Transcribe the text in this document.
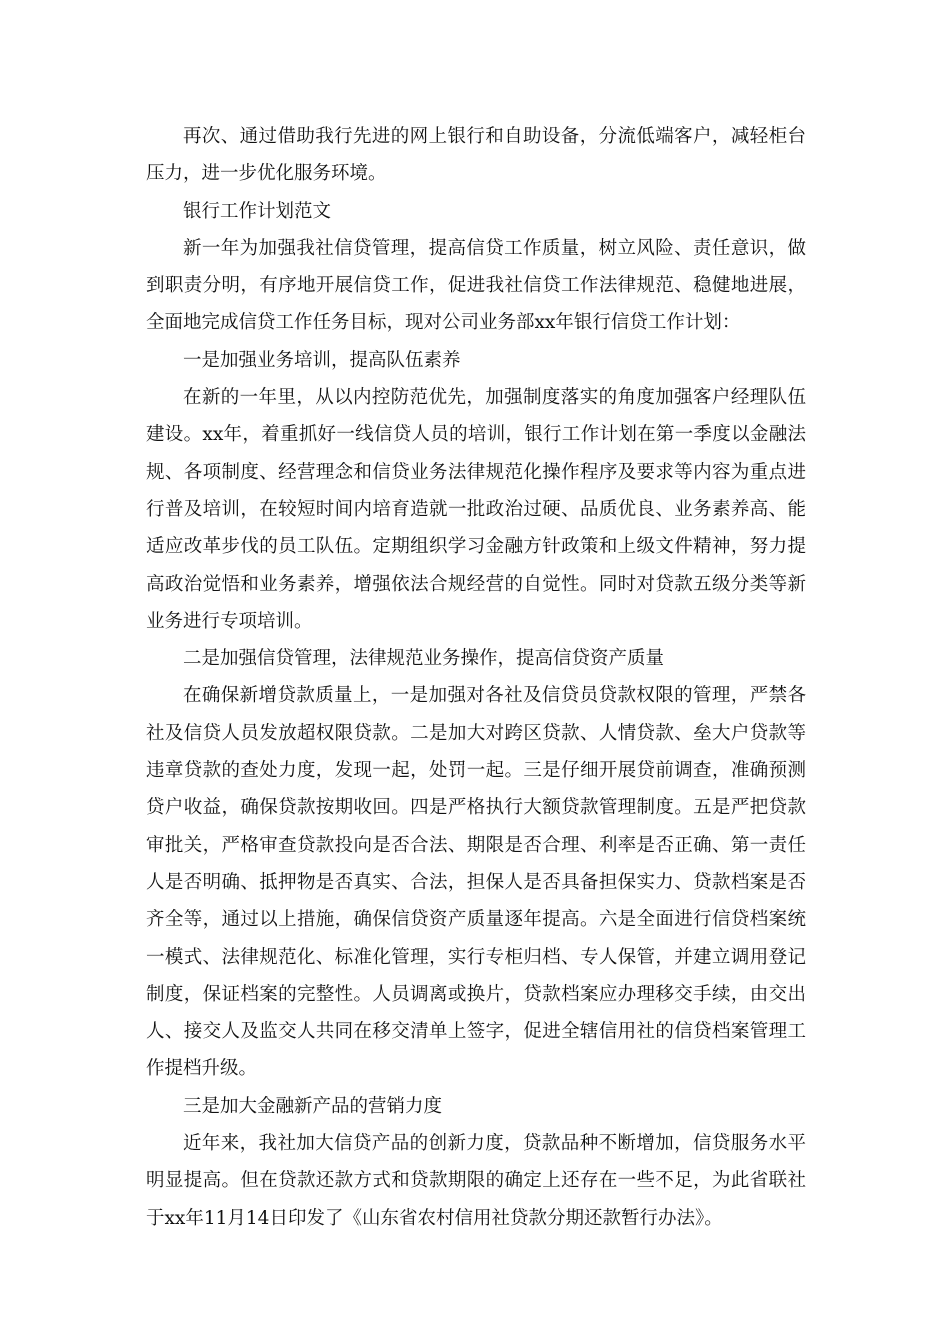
再次、通过借助我行先进的网上银行和自助设备，分流低端客户，减轻柜台压力，进一步优化服务环境。

银行工作计划范文

新一年为加强我社信贷管理，提高信贷工作质量，树立风险、责任意识，做到职责分明，有序地开展信贷工作，促进我社信贷工作法律规范、稳健地进展，全面地完成信贷工作任务目标，现对公司业务部xx年银行信贷工作计划：

一是加强业务培训，提高队伍素养

在新的一年里，从以内控防范优先，加强制度落实的角度加强客户经理队伍建设。xx年，着重抓好一线信贷人员的培训，银行工作计划在第一季度以金融法规、各项制度、经营理念和信贷业务法律规范化操作程序及要求等内容为重点进行普及培训，在较短时间内培育造就一批政治过硬、品质优良、业务素养高、能适应改革步伐的员工队伍。定期组织学习金融方针政策和上级文件精神，努力提高政治觉悟和业务素养，增强依法合规经营的自觉性。同时对贷款五级分类等新业务进行专项培训。

二是加强信贷管理，法律规范业务操作，提高信贷资产质量

在确保新增贷款质量上，一是加强对各社及信贷员贷款权限的管理，严禁各社及信贷人员发放超权限贷款。二是加大对跨区贷款、人情贷款、垒大户贷款等违章贷款的查处力度，发现一起，处罚一起。三是仔细开展贷前调查，准确预测贷户收益，确保贷款按期收回。四是严格执行大额贷款管理制度。五是严把贷款审批关，严格审查贷款投向是否合法、期限是否合理、利率是否正确、第一责任人是否明确、抵押物是否真实、合法，担保人是否具备担保实力、贷款档案是否齐全等，通过以上措施，确保信贷资产质量逐年提高。六是全面进行信贷档案统一模式、法律规范化、标准化管理，实行专柜归档、专人保管，并建立调用登记制度，保证档案的完整性。人员调离或换片，贷款档案应办理移交手续，由交出人、接交人及监交人共同在移交清单上签字，促进全辖信用社的信贷档案管理工作提档升级。

三是加大金融新产品的营销力度

近年来，我社加大信贷产品的创新力度，贷款品种不断增加，信贷服务水平明显提高。但在贷款还款方式和贷款期限的确定上还存在一些不足，为此省联社于xx年11月14日印发了《山东省农村信用社贷款分期还款暂行办法》。
